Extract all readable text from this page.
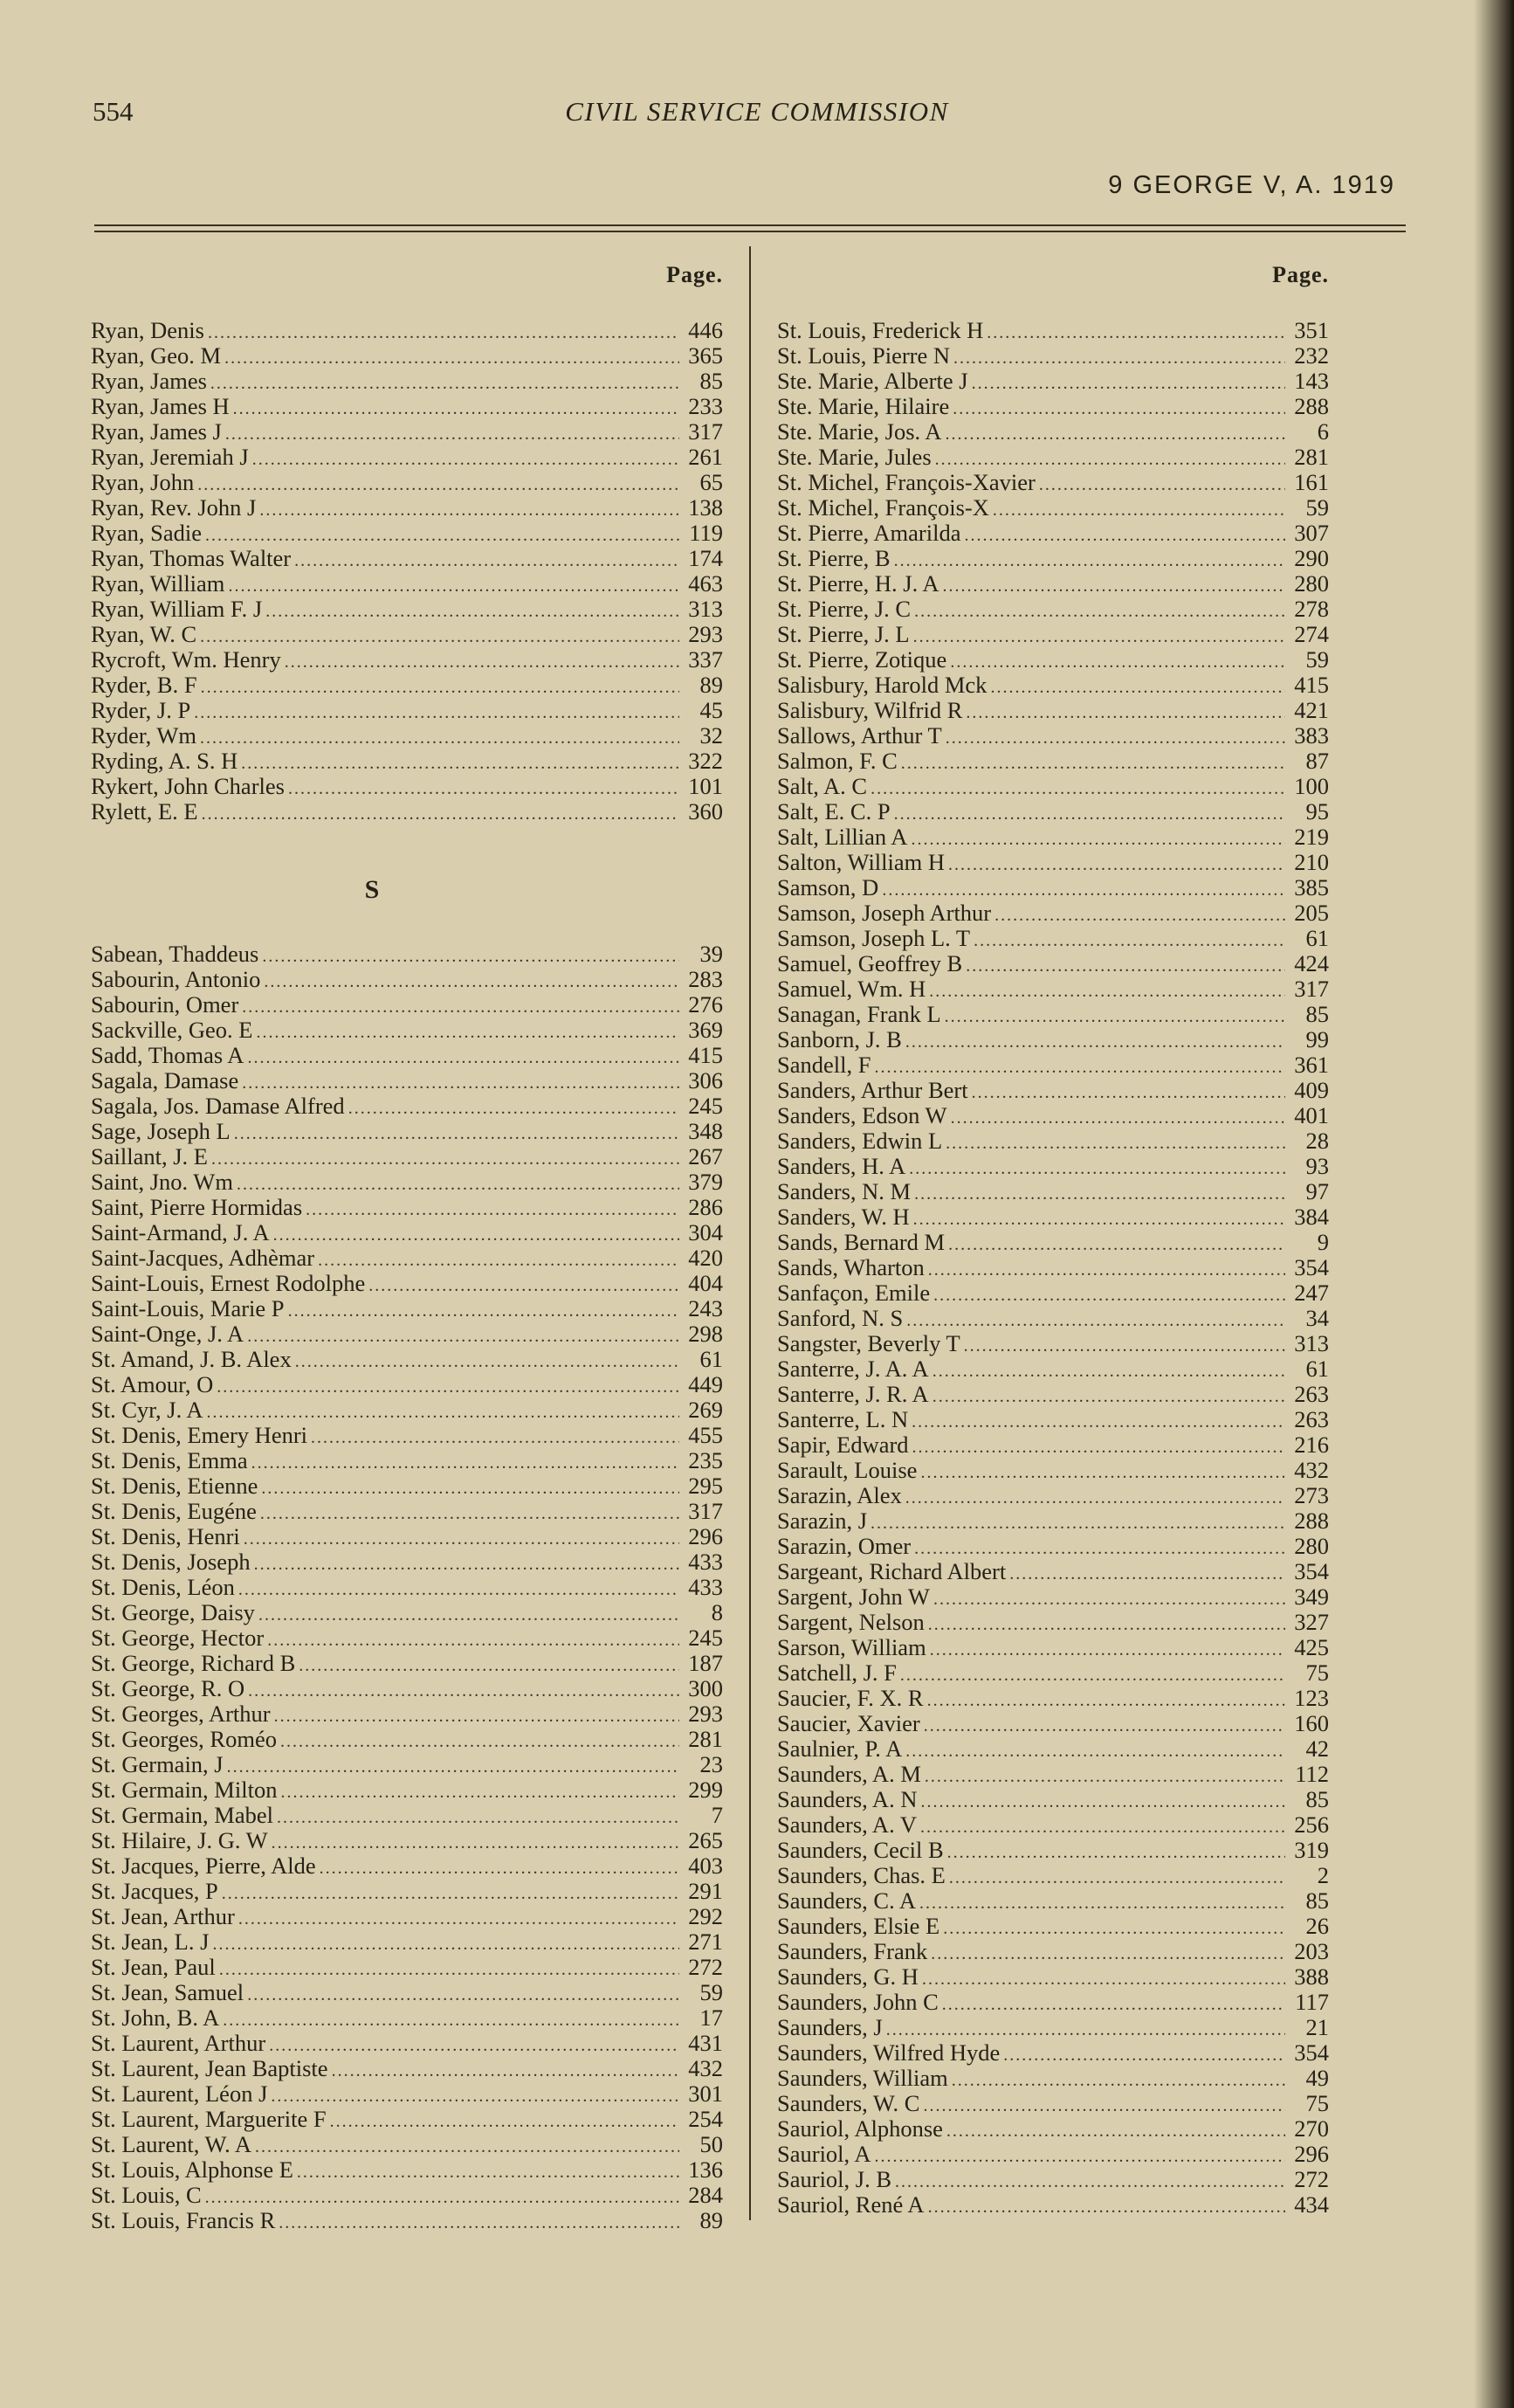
554	CIVIL SERVICE COMMISSION
9 GEORGE V, A. 1919
Page.
Ryan, Denis .....	446
Ryan, Geo. M .....	365
Ryan, James .....	85
Ryan, James H .....	233
Ryan, James J .....	317
Ryan, Jeremiah J .....	261
Ryan, John .....	65
Ryan, Rev. John J .....	138
Ryan, Sadie .....	119
Ryan, Thomas Walter .....	174
Ryan, William .....	463
Ryan, William F. J .....	313
Ryan, W. C .....	293
Rycroft, Wm. Henry .....	337
Ryder, B. F .....	89
Ryder, J. P .....	45
Ryder, Wm .....	32
Ryding, A. S. H .....	322
Rykert, John Charles .....	101
Rylett, E. E .....	360
S
Sabean, Thaddeus .....	39
Sabourin, Antonio .....	283
Sabourin, Omer .....	276
Sackville, Geo. E .....	369
Sadd, Thomas A .....	415
Sagala, Damase .....	306
Sagala, Jos. Damase Alfred .....	245
Sage, Joseph L .....	348
Saillant, J. E .....	267
Saint, Jno. Wm .....	379
Saint, Pierre Hormidas .....	286
Saint-Armand, J. A .....	304
Saint-Jacques, Adhèmar .....	420
Saint-Louis, Ernest Rodolphe .....	404
Saint-Louis, Marie P .....	243
Saint-Onge, J. A .....	298
St. Amand, J. B. Alex .....	61
St. Amour, O .....	449
St. Cyr, J. A .....	269
St. Denis, Emery Henri .....	455
St. Denis, Emma .....	235
St. Denis, Etienne .....	295
St. Denis, Eugéne .....	317
St. Denis, Henri .....	296
St. Denis, Joseph .....	433
St. Denis, Léon .....	433
St. George, Daisy .....	8
St. George, Hector .....	245
St. George, Richard B .....	187
St. George, R. O .....	300
St. Georges, Arthur .....	293
St. Georges, Roméo .....	281
St. Germain, J .....	23
St. Germain, Milton .....	299
St. Germain, Mabel .....	7
St. Hilaire, J. G. W .....	265
St. Jacques, Pierre, Alde .....	403
St. Jacques, P .....	291
St. Jean, Arthur .....	292
St. Jean, L. J .....	271
St. Jean, Paul .....	272
St. Jean, Samuel .....	59
St. John, B. A .....	17
St. Laurent, Arthur .....	431
St. Laurent, Jean Baptiste .....	432
St. Laurent, Léon J .....	301
St. Laurent, Marguerite F .....	254
St. Laurent, W. A .....	50
St. Louis, Alphonse E .....	136
St. Louis, C .....	284
St. Louis, Francis R .....	89
Page.
St. Louis, Frederick H .....	351
St. Louis, Pierre N .....	232
Ste. Marie, Alberte J .....	143
Ste. Marie, Hilaire .....	288
Ste. Marie, Jos. A .....	6
Ste. Marie, Jules .....	281
St. Michel, François-Xavier .....	161
St. Michel, François-X .....	59
St. Pierre, Amarilda .....	307
St. Pierre, B .....	290
St. Pierre, H. J. A .....	280
St. Pierre, J. C .....	278
St. Pierre, J. L .....	274
St. Pierre, Zotique .....	59
Salisbury, Harold Mck .....	415
Salisbury, Wilfrid R .....	421
Sallows, Arthur T .....	383
Salmon, F. C .....	87
Salt, A. C .....	100
Salt, E. C. P .....	95
Salt, Lillian A .....	219
Salton, William H .....	210
Samson, D .....	385
Samson, Joseph Arthur .....	205
Samson, Joseph L. T .....	61
Samuel, Geoffrey B .....	424
Samuel, Wm. H .....	317
Sanagan, Frank L .....	85
Sanborn, J. B .....	99
Sandell, F .....	361
Sanders, Arthur Bert .....	409
Sanders, Edson W .....	401
Sanders, Edwin L .....	28
Sanders, H. A .....	93
Sanders, N. M .....	97
Sanders, W. H .....	384
Sands, Bernard M .....	9
Sands, Wharton .....	354
Sanfaçon, Emile .....	247
Sanford, N. S .....	34
Sangster, Beverly T .....	313
Santerre, J. A. A .....	61
Santerre, J. R. A .....	263
Santerre, L. N .....	263
Sapir, Edward .....	216
Sarault, Louise .....	432
Sarazin, Alex .....	273
Sarazin, J .....	288
Sarazin, Omer .....	280
Sargeant, Richard Albert .....	354
Sargent, John W .....	349
Sargent, Nelson .....	327
Sarson, William .....	425
Satchell, J. F .....	75
Saucier, F. X. R .....	123
Saucier, Xavier .....	160
Saulnier, P. A .....	42
Saunders, A. M .....	112
Saunders, A. N .....	85
Saunders, A. V .....	256
Saunders, Cecil B .....	319
Saunders, Chas. E .....	2
Saunders, C. A .....	85
Saunders, Elsie E .....	26
Saunders, Frank .....	203
Saunders, G. H .....	388
Saunders, John C .....	117
Saunders, J .....	21
Saunders, Wilfred Hyde .....	354
Saunders, William .....	49
Saunders, W. C .....	75
Sauriol, Alphonse .....	270
Sauriol, A .....	296
Sauriol, J. B .....	272
Sauriol, René A .....	434
